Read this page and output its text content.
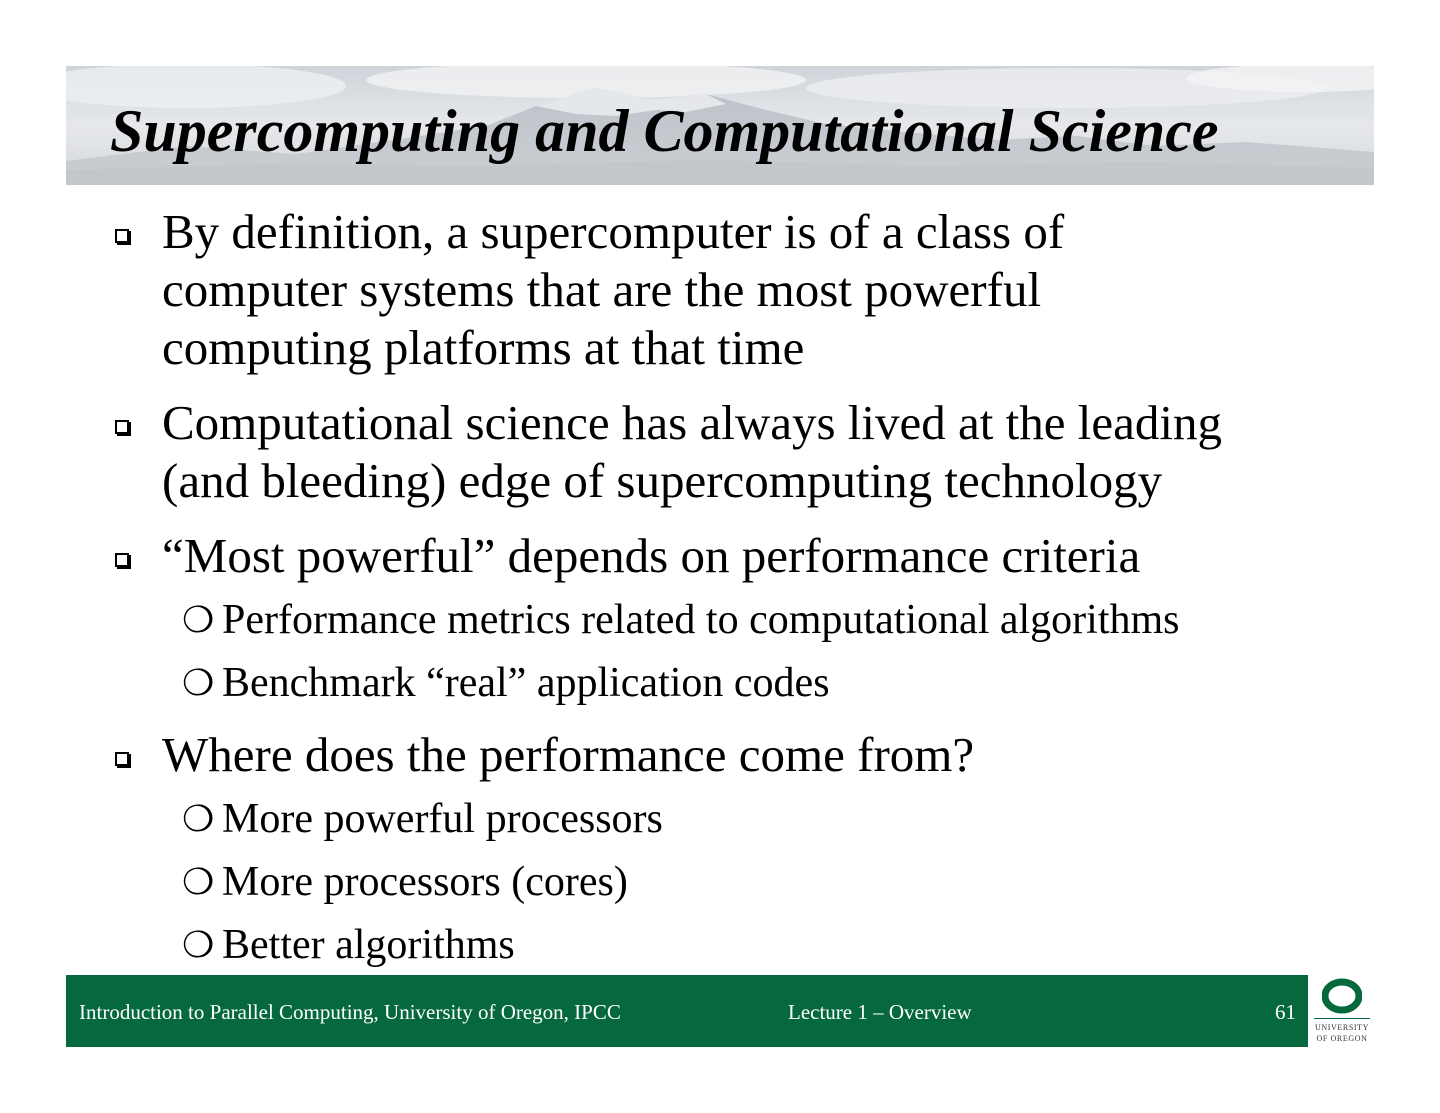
Supercomputing and Computational Science
By definition, a supercomputer is of a class of
computer systems that are the most powerful
computing platforms at that time
Computational science has always lived at the leading
(and bleeding) edge of supercomputing technology
“Most powerful” depends on performance criteria
❍ Performance metrics related to computational algorithms
❍ Benchmark “real” application codes
Where does the performance come from?
❍ More powerful processors
❍ More processors (cores)
❍ Better algorithms
Introduction to Parallel Computing, University of Oregon, IPCC	Lecture 1 – Overview	61
UNIVERSITY
OF OREGON
